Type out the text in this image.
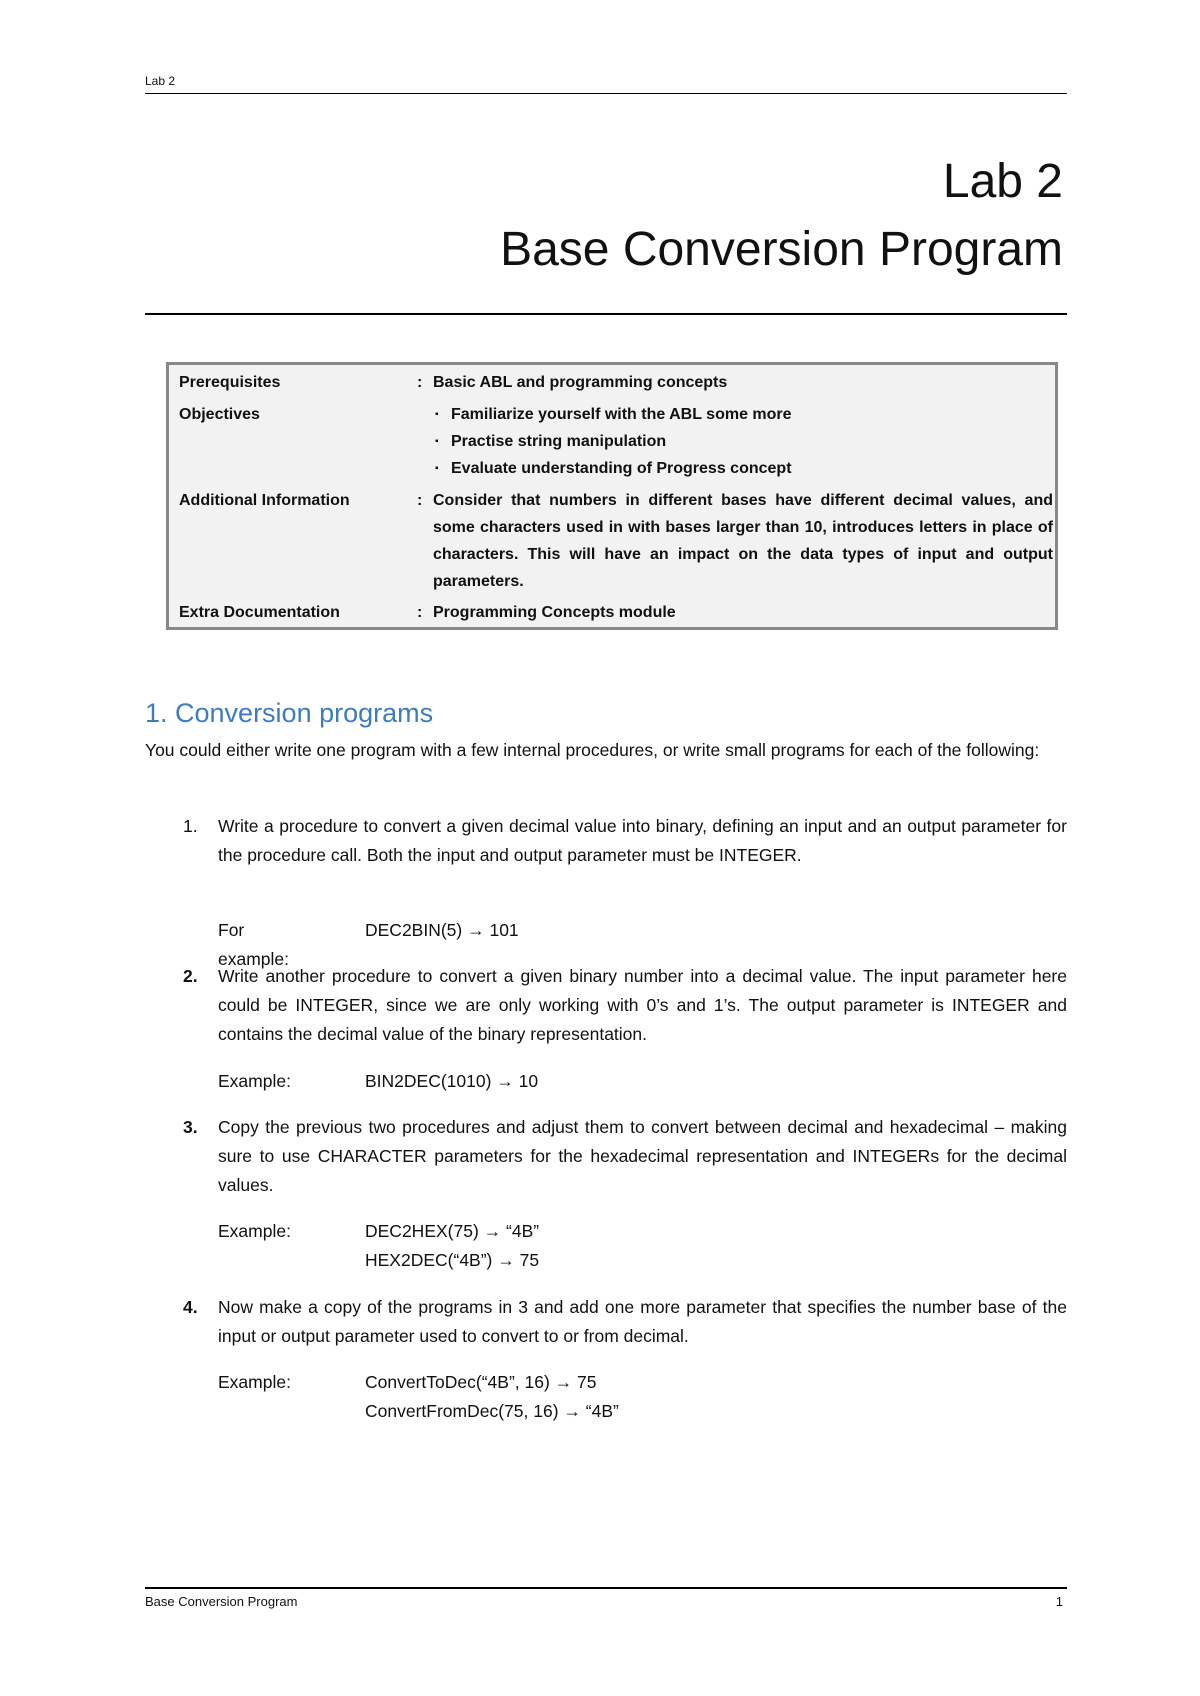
Lab 2
Lab 2
Base Conversion Program
Prerequisites	: Basic ABL and programming concepts
Objectives	▪ Familiarize yourself with the ABL some more
▪ Practise string manipulation
▪ Evaluate understanding of Progress concept
Additional Information	: Consider that numbers in different bases have different decimal values, and some characters used in with bases larger than 10, introduces letters in place of characters. This will have an impact on the data types of input and output parameters.
Extra Documentation	: Programming Concepts module
1. Conversion programs
You could either write one program with a few internal procedures, or write small programs for each of the following:
1. Write a procedure to convert a given decimal value into binary, defining an input and an output parameter for the procedure call. Both the input and output parameter must be INTEGER.
For example:
DEC2BIN(5) → 101
2. Write another procedure to convert a given binary number into a decimal value. The input parameter here could be INTEGER, since we are only working with 0’s and 1’s. The output parameter is INTEGER and contains the decimal value of the binary representation.
Example:	BIN2DEC(1010) → 10
3. Copy the previous two procedures and adjust them to convert between decimal and hexadecimal – making sure to use CHARACTER parameters for the hexadecimal representation and INTEGERs for the decimal values.
Example:	DEC2HEX(75) → “4B”
HEX2DEC(“4B”) → 75
4. Now make a copy of the programs in 3 and add one more parameter that specifies the number base of the input or output parameter used to convert to or from decimal.
Example:	ConvertToDec(“4B”, 16) → 75
ConvertFromDec(75, 16) → “4B”
Base Conversion Program	1
